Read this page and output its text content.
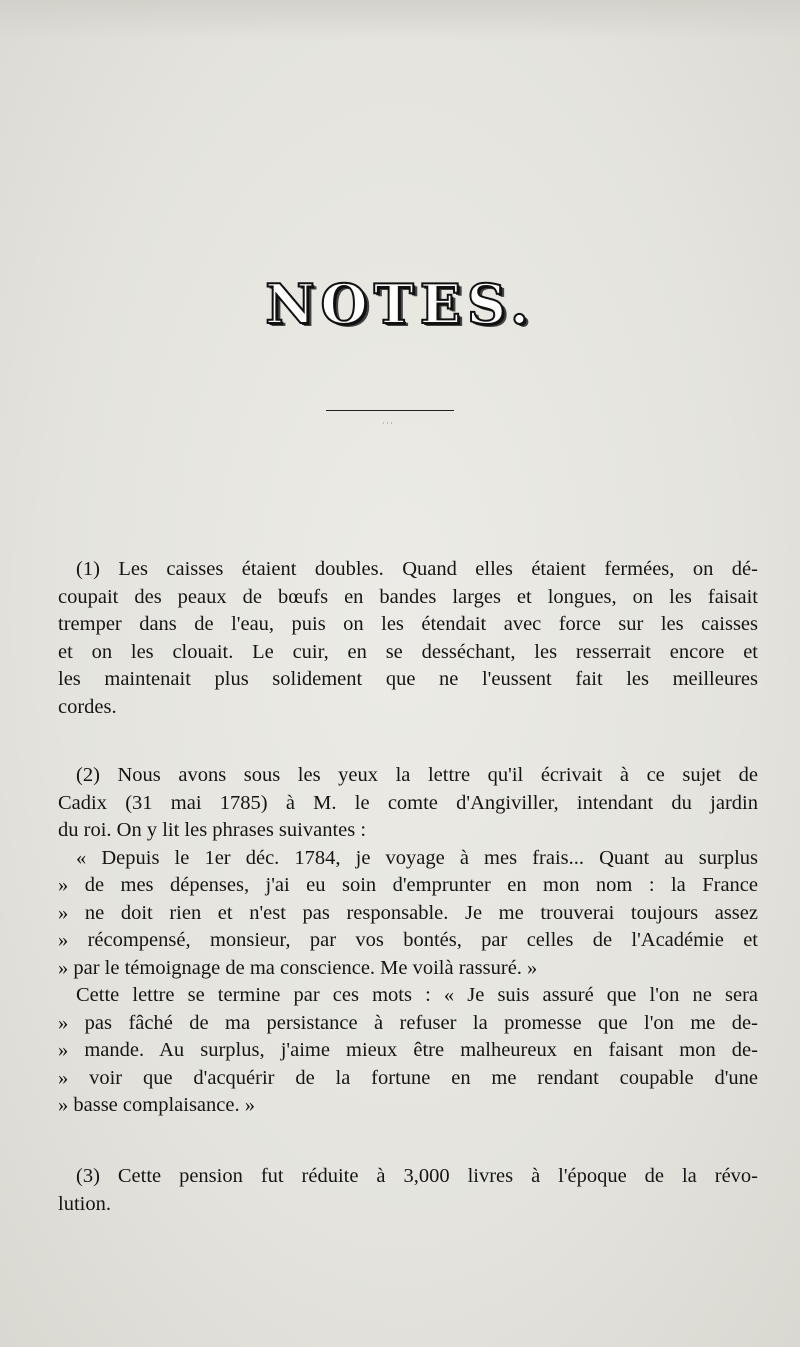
NOTES.
···
(1) Les caisses étaient doubles. Quand elles étaient fermées, on dé-
coupait des peaux de bœufs en bandes larges et longues, on les faisait
tremper dans de l'eau, puis on les étendait avec force sur les caisses
et on les clouait. Le cuir, en se desséchant, les resserrait encore et
les maintenait plus solidement que ne l'eussent fait les meilleures
cordes.
(2) Nous avons sous les yeux la lettre qu'il écrivait à ce sujet de
Cadix (31 mai 1785) à M. le comte d'Angiviller, intendant du jardin
du roi. On y lit les phrases suivantes :
« Depuis le 1er déc. 1784, je voyage à mes frais... Quant au surplus
» de mes dépenses, j'ai eu soin d'emprunter en mon nom : la France
» ne doit rien et n'est pas responsable. Je me trouverai toujours assez
» récompensé, monsieur, par vos bontés, par celles de l'Académie et
» par le témoignage de ma conscience. Me voilà rassuré. »
Cette lettre se termine par ces mots : « Je suis assuré que l'on ne sera
» pas fâché de ma persistance à refuser la promesse que l'on me de-
» mande. Au surplus, j'aime mieux être malheureux en faisant mon de-
» voir que d'acquérir de la fortune en me rendant coupable d'une
» basse complaisance. »
(3) Cette pension fut réduite à 3,000 livres à l'époque de la révo-
lution.
